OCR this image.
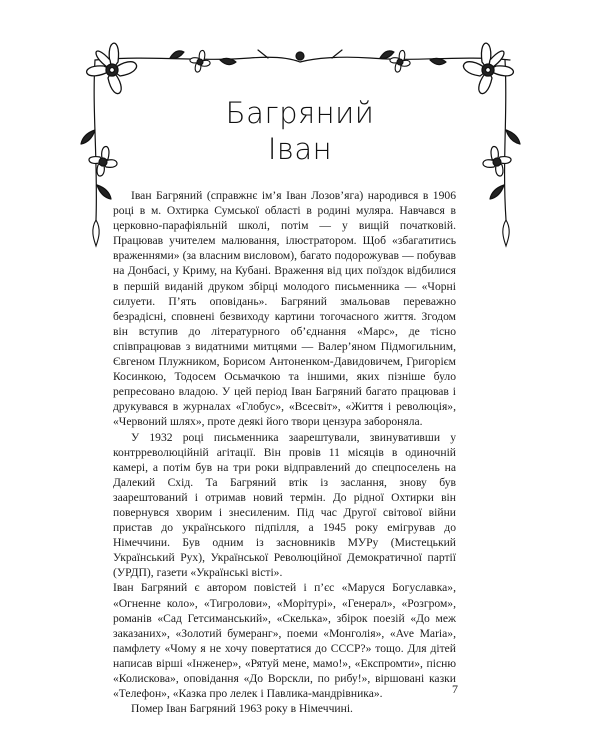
Багряний
Іван

Іван Багряний (справжнє ім’я Іван Лозов’яга) народився в 1906 році в м. Охтирка Сумської області в родині муляра. Навчався в церковно-парафіяльній школі, потім — у вищій початковій. Працював учителем малювання, ілюстратором. Щоб «збагатитись враженнями» (за власним висловом), багато подорожував — побував на Донбасі, у Криму, на Кубані. Враження від цих поїздок відбилися в першій виданій друком збірці молодого письменника — «Чорні силуети. П’ять оповідань». Багряний змальовав переважно безрадісні, сповнені безвиходу картини тогочасного життя. Згодом він вступив до літературного об’єднання «Марс», де тісно співпрацював з видатними митцями — Валер’яном Підмогильним, Євгеном Плужником, Борисом Антоненком-Давидовичем, Григорієм Косинкою, Тодосем Осьмачкою та іншими, яких пізніше було репресовано владою. У цей період Іван Багряний багато працював і друкувався в журналах «Глобус», «Всесвіт», «Життя і революція», «Червоний шлях», проте деякі його твори цензура забороняла.

У 1932 році письменника заарештували, звинувативши у контрреволюційній агітації. Він провів 11 місяців в одиночній камері, а потім був на три роки відправлений до спецпоселень на Далекий Схід. Та Багряний втік із заслання, знову був заарештований і отримав новий термін. До рідної Охтирки він повернувся хворим і знесиленим. Під час Другої світової війни пристав до українського підпілля, а 1945 року емігрував до Німеччини. Був одним із засновників МУРу (Мистецький Український Рух), Української Революційної Демократичної партії (УРДП), газети «Українські вісті».

Іван Багряний є автором повістей і п’єс «Маруся Богуславка», «Огненне коло», «Тигролови», «Морітурі», «Генерал», «Розгром», романів «Сад Гетсиманський», «Скелька», збірок поезій «До меж заказаних», «Золотий бумеранг», поеми «Монголія», «Ave Maria», памфлету «Чому я не хочу повертатися до СССР?» тощо. Для дітей написав вірші «Інженер», «Рятуй мене, мамо!», «Експромти», пісню «Колискова», оповідання «До Ворскли, по рибу!», віршовані казки «Телефон», «Казка про лелек і Павлика-мандрівника».

Помер Іван Багряний 1963 року в Німеччині.

7
